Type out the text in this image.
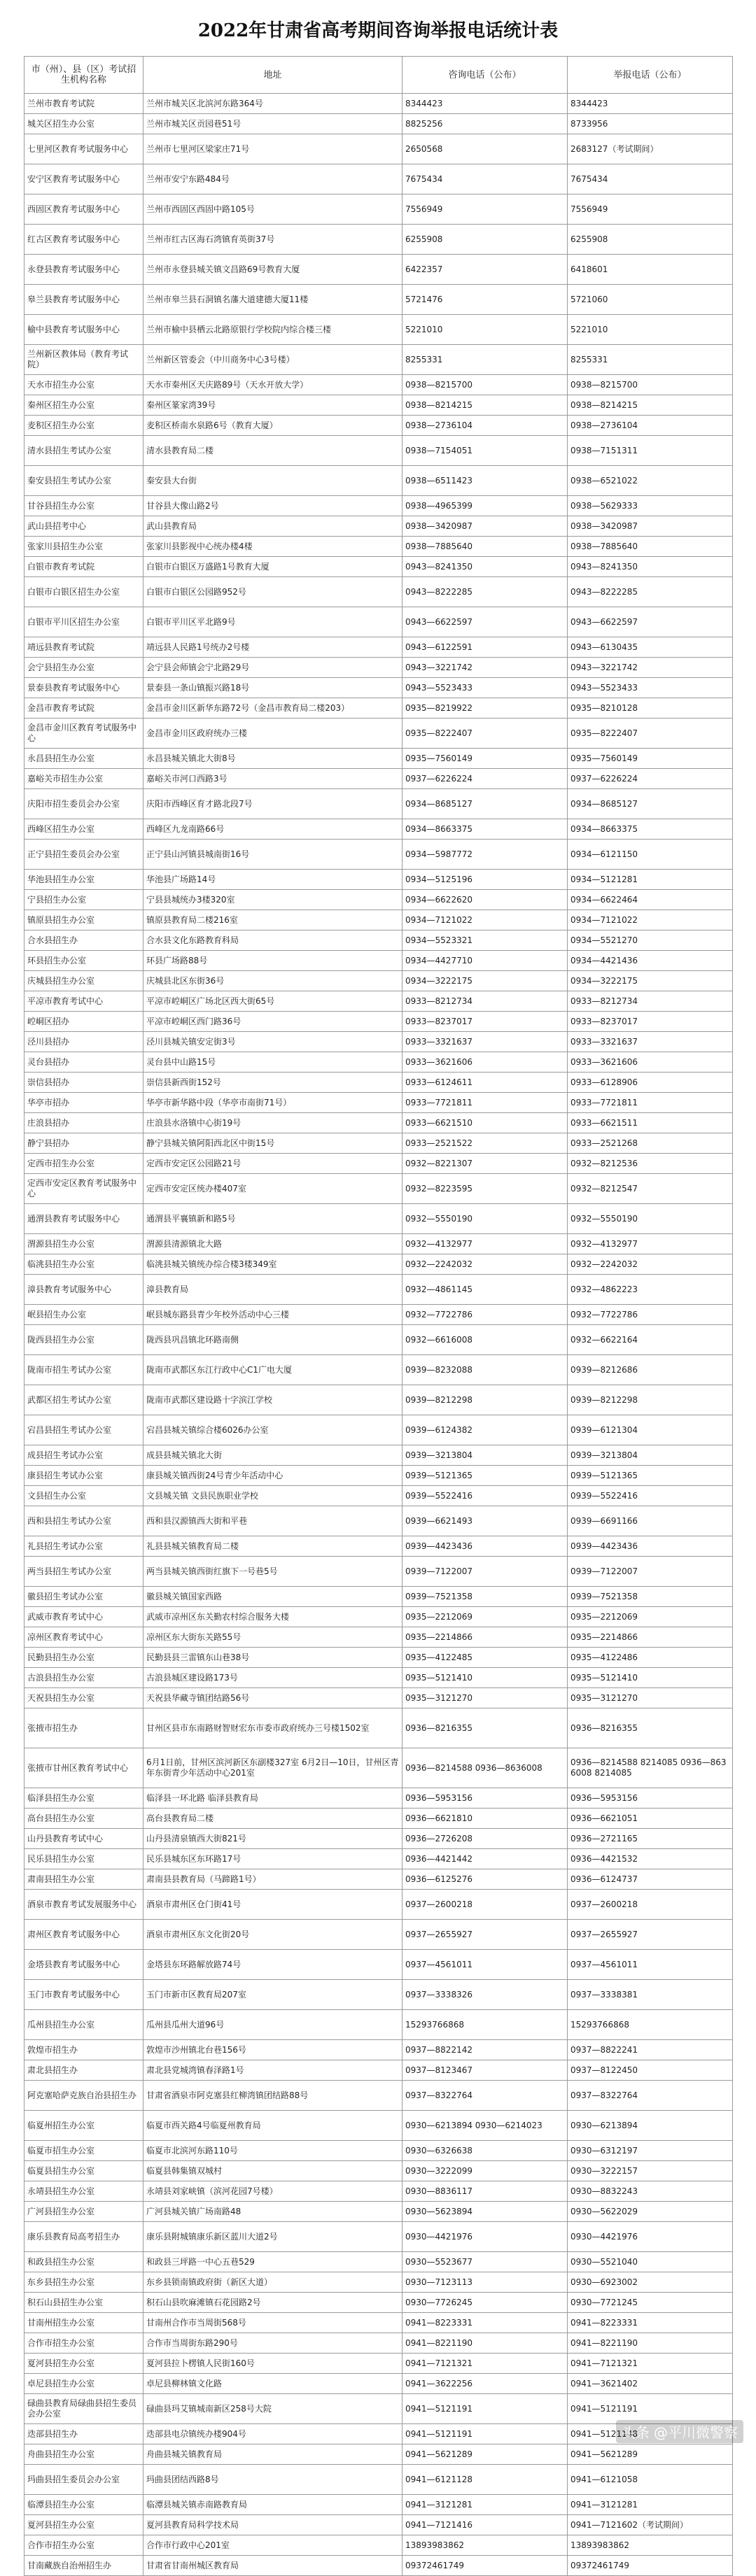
2022年甘肃省高考期间咨询举报电话统计表
市（州）、县（区）考试招生机构名称	地址	咨询电话（公布）	举报电话（公布）
兰州市教育考试院	兰州市城关区北滨河东路364号	8344423	8344423
城关区招生办公室	兰州市城关区贡园巷51号	8825256	8733956
七里河区教育考试服务中心	兰州市七里河区梁家庄71号	2650568	2683127（考试期间）
安宁区教育考试服务中心	兰州市安宁东路484号	7675434	7675434
西固区教育考试服务中心	兰州市西固区西固中路105号	7556949	7556949
红古区教育考试服务中心	兰州市红古区海石湾镇育英街37号	6255908	6255908
永登县教育考试服务中心	兰州市永登县城关镇文昌路69号教育大厦	6422357	6418601
皋兰县教育考试服务中心	兰州市皋兰县石洞镇名藩大道建德大厦11楼	5721476	5721060
榆中县教育考试服务中心	兰州市榆中县栖云北路原银行学校院内综合楼三楼	5221010	5221010
兰州新区教体局（教育考试院）	兰州新区管委会（中川商务中心3号楼）	8255331	8255331
天水市招生办公室	天水市秦州区天庆路89号（天水开放大学）	0938—8215700	0938—8215700
秦州区招生办公室	秦州区篆家湾39号	0938—8214215	0938—8214215
麦积区招生办公室	麦积区桥南水泉路6号（教育大厦）	0938—2736104	0938—2736104
清水县招生考试办公室	清水县教育局二楼	0938—7154051	0938—7151311
秦安县招生考试办公室	秦安县大台街	0938—6511423	0938—6521022
甘谷县招生办公室	甘谷县大像山路2号	0938—4965399	0938—5629333
武山县招考中心	武山县教育局	0938—3420987	0938—3420987
张家川县招生办公室	张家川县影视中心统办楼4楼	0938—7885640	0938—7885640
白银市教育考试院	白银市白银区万盛路1号教育大厦	0943—8241350	0943—8241350
白银市白银区招生办公室	白银市白银区公园路952号	0943—8222285	0943—8222285
白银市平川区招生办公室	白银市平川区平北路9号	0943—6622597	0943—6622597
靖远县教育考试院	靖远县人民路1号统办2号楼	0943—6122591	0943—6130435
会宁县招生办公室	会宁县会师镇会宁北路29号	0943—3221742	0943—3221742
景泰县教育考试服务中心	景泰县一条山镇振兴路18号	0943—5523433	0943—5523433
金昌市教育考试院	金昌市金川区新华东路72号（金昌市教育局二楼203）	0935—8219922	0935—8210128
金昌市金川区教育考试服务中心	金昌市金川区政府统办三楼	0935—8222407	0935—8222407
永昌县招生办公室	永昌县城关镇北大街8号	0935—7560149	0935—7560149
嘉峪关市招生办公室	嘉峪关市河口西路3号	0937—6226224	0937—6226224
庆阳市招生委员会办公室	庆阳市西峰区育才路北段7号	0934—8685127	0934—8685127
西峰区招生办公室	西峰区九龙南路66号	0934—8663375	0934—8663375
正宁县招生委员会办公室	正宁县山河镇县城南街16号	0934—5987772	0934—6121150
华池县招生办公室	华池县广场路14号	0934—5125196	0934—5121281
宁县招生办公室	宁县县城统办3楼320室	0934—6622620	0934—6622464
镇原县招生办公室	镇原县教育局二楼216室	0934—7121022	0934—7121022
合水县招生办	合水县文化东路教育科局	0934—5523321	0934—5521270
环县招生办公室	环县广场路88号	0934—4427710	0934—4421436
庆城县招生办公室	庆城县北区东街36号	0934—3222175	0934—3222175
平凉市教育考试中心	平凉市崆峒区广场北区西大街65号	0933—8212734	0933—8212734
崆峒区招办	平凉市崆峒区西门路36号	0933—8237017	0933—8237017
泾川县招办	泾川县城关镇安定街3号	0933—3321637	0933—3321637
灵台县招办	灵台县中山路15号	0933—3621606	0933—3621606
崇信县招办	崇信县新西街152号	0933—6124611	0933—6128906
华亭市招办	华亭市新华路中段（华亭市南街71号）	0933—7721811	0933—7721811
庄浪县招办	庄浪县水洛镇中心街19号	0933—6621510	0933—6621511
静宁县招办	静宁县城关镇阿阳西北区中街15号	0933—2521522	0933—2521268
定西市招生办公室	定西市安定区公园路21号	0932—8221307	0932—8212536
定西市安定区教育考试服务中心	定西市安定区统办楼407室	0932—8223595	0932—8212547
通渭县教育考试服务中心	通渭县平襄镇新和路5号	0932—5550190	0932—5550190
渭源县招生办公室	渭源县清源镇北大路	0932—4132977	0932—4132977
临洮县招生办公室	临洮县城关镇统办综合楼3楼349室	0932—2242032	0932—2242032
漳县教育考试服务中心	漳县教育局	0932—4861145	0932—4862223
岷县招生办公室	岷县城东路县青少年校外活动中心三楼	0932—7722786	0932—7722786
陇西县招生办公室	陇西县巩昌镇北环路南侧	0932—6616008	0932—6622164
陇南市招生考试办公室	陇南市武都区东江行政中心C1广电大厦	0939—8232088	0939—8212686
武都区招生考试办公室	陇南市武都区建设路十字滨江学校	0939—8212298	0939—8212298
宕昌县招生考试办公室	宕昌县城关镇综合楼6026办公室	0939—6124382	0939—6121304
成县招生考试办公室	成县县城关镇北大街	0939—3213804	0939—3213804
康县招生考试办公室	康县城关镇西街24号青少年活动中心	0939—5121365	0939—5121365
文县招生办公室	文县城关镇 文县民族职业学校	0939—5522416	0939—5522416
西和县招生考试办公室	西和县汉源镇西大街和平巷	0939—6621493	0939—6691166
礼县招生考试办公室	礼县县城关镇教育局二楼	0939—4423436	0939—4423436
两当县招生考试办公室	两当县城关镇西街红旗下一号巷5号	0939—7122007	0939—7122007
徽县招生考试办公室	徽县城关镇国家西路	0939—7521358	0939—7521358
武威市教育考试中心	武威市凉州区东关勤农村综合服务大楼	0935—2212069	0935—2212069
凉州区教育考试中心	凉州区东大街东关路55号	0935—2214866	0935—2214866
民勤县招生办公室	民勤县县三雷镇东山巷38号	0935—4122485	0935—4122486
古浪县招生办公室	古浪县城区建设路173号	0935—5121410	0935—5121410
天祝县招生办公室	天祝县华藏寺镇团结路56号	0935—3121270	0935—3121270
张掖市招生办	甘州区县市东南路财智财宏东市委市政府统办三号楼1502室	0936—8216355	0936—8216355
张掖市甘州区教育考试中心	6月1日前，甘州区滨河新区东副楼327室 6月2日—10日，甘州区青年东街青少年活动中心201室	0936—8214588 0936—8636008	0936—8214588 8214085 0936—8636008 8214085
临泽县招生办公室	临泽县一环北路 临泽县教育局	0936—5953156	0936—5953156
高台县招生办公室	高台县教育局二楼	0936—6621810	0936—6621051
山丹县教育考试中心	山丹县清泉镇西大街821号	0936—2726208	0936—2721165
民乐县招生办公室	民乐县城东区东环路17号	0936—4421442	0936—4421532
肃南县招生办公室	肃南县县教育局（马蹄路1号）	0936—6125276	0936—6124737
酒泉市教育考试发展服务中心	酒泉市肃州区仓门街41号	0937—2600218	0937—2600218
肃州区教育考试服务中心	酒泉市肃州区东文化街20号	0937—2655927	0937—2655927
金塔县教育考试服务中心	金塔县东环路解放路74号	0937—4561011	0937—4561011
玉门市教育考试服务中心	玉门市新市区教育局207室	0937—3338326	0937—3338381
瓜州县招生办公室	瓜州县瓜州大道96号	15293766868	15293766868
敦煌市招生办	敦煌市沙州镇北台巷156号	0937—8822142	0937—8822241
肃北县招生办	肃北县党城湾镇春泽路1号	0937—8123467	0937—8122450
阿克塞哈萨克族自治县招生办	甘肃省酒泉市阿克塞县红柳湾镇团结路88号	0937—8322764	0937—8322764
临夏州招生办公室	临夏市西关路4号临夏州教育局	0930—6213894 0930—6214023	0930—6213894
临夏市招生办公室	临夏市北滨河东路110号	0930—6326638	0930—6312197
临夏县招生办公室	临夏县韩集镇双城村	0930—3222099	0930—3222157
永靖县招生办公室	永靖县刘家峡镇（滨河花园7号楼）	0930—8836117	0930—8832243
广河县招生办公室	广河县城关镇广场南路48	0930—5623894	0930—5622029
康乐县教育局高考招生办	康乐县附城镇康乐新区蓝川大道2号	0930—4421976	0930—4421976
和政县招生办公室	和政县三坪路一中心五巷529	0930—5523677	0930—5521040
东乡县招生办公室	东乡县锁南镇政府街（新区大道）	0930—7123113	0930—6923002
积石山县招生办公室	积石山县吹麻滩镇石花园路2号	0930—7726245	0930—7721245
甘南州招生办公室	甘南州合作市当周街568号	0941—8223331	0941—8223331
合作市招生办公室	合作市当周街东路290号	0941—8221190	0941—8221190
夏河县招生办公室	夏河县拉卜楞镇人民街160号	0941—7121321	0941—7121321
卓尼县招生办公室	卓尼县柳林镇文化路	0941—3622256	0941—3621402
碌曲县教育局碌曲县招生委员会办公室	碌曲县玛艾镇城南新区258号大院	0941—5121191	0941—5121191
迭部县招生办	迭部县电尕镇统办楼904号	0941—5121191	0941—5121148
舟曲县招生办公室	舟曲县城关镇教育局	0941—5621289	0941—5621289
玛曲县招生委员会办公室	玛曲县团结西路8号	0941—6121128	0941—6121058
临潭县招生办公室	临潭县城关镇赤南路教育局	0941—3121281	0941—3121281
夏河县招生办公室	夏河县教育局科学技术局	0941—7121416	0941—7121602（考试期间）
合作市招生办公室	合作市行政中心201室	13893983862	13893983862
甘南藏族自治州招生办	甘肃省甘南州城区教育局	09372461749	09372461749
头条 @平川微警察
